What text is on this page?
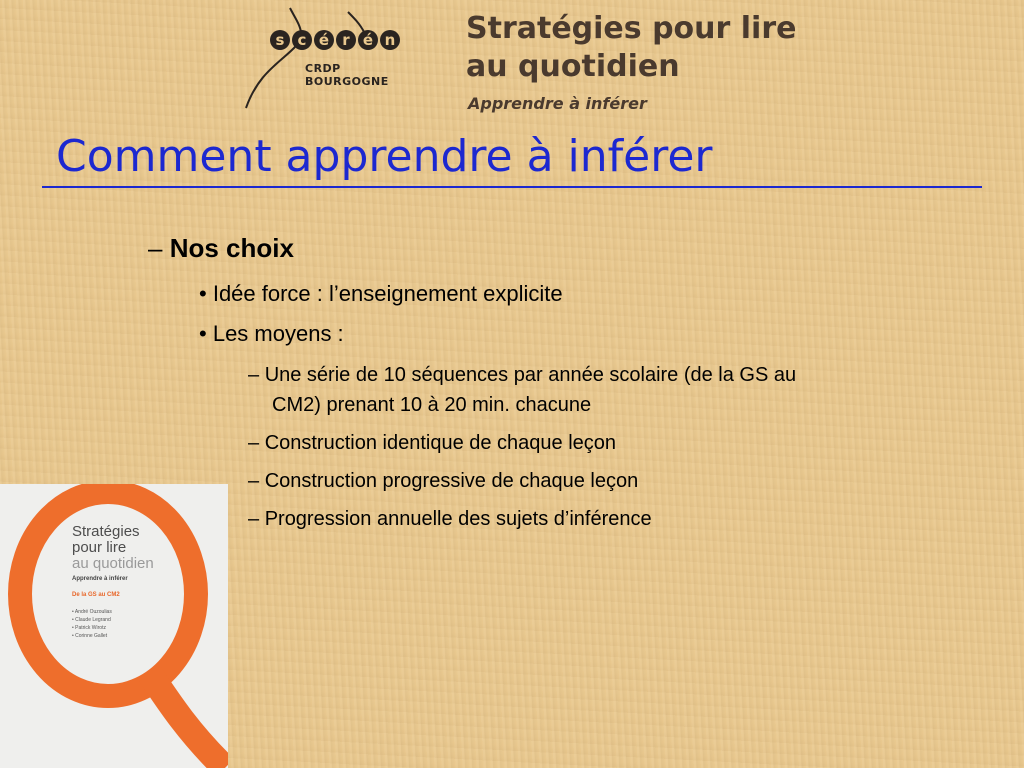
s c é r é n
CRDP
BOURGOGNE
Stratégies pour lire
au quotidien
Apprendre à inférer
Comment apprendre à inférer
– Nos choix
• Idée force : l’enseignement explicite
• Les moyens :
– Une série de 10 séquences par année scolaire (de la GS au
CM2) prenant 10 à 20 min. chacune
– Construction identique de chaque leçon
– Construction progressive de chaque leçon
– Progression annuelle des sujets d’inférence
Stratégies
pour lire
au quotidien
Apprendre à inférer
De la GS au CM2
• André Ouzoulias
• Claude Legrand
• Patrick Wirotz
• Corinne Gallet
